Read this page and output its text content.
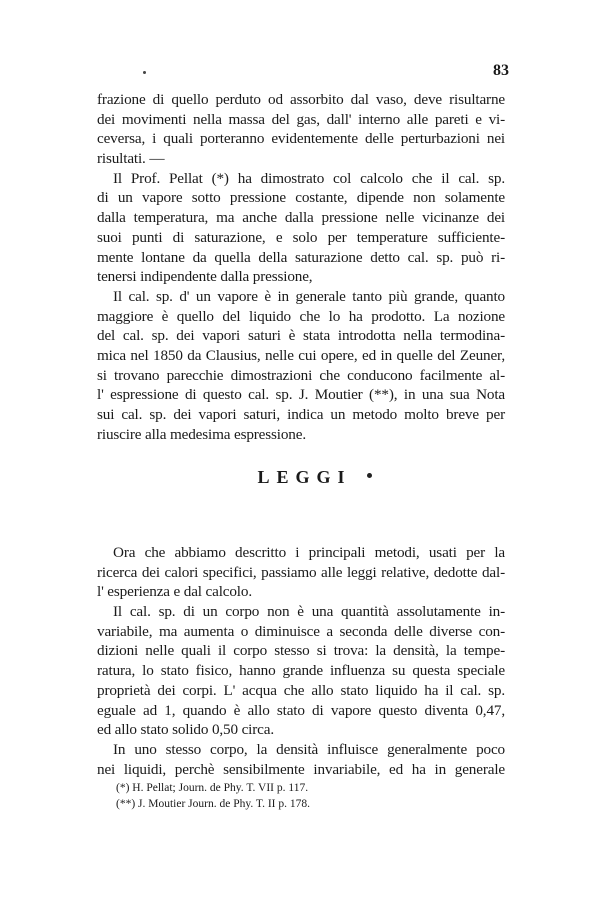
83
frazione di quello perduto od assorbito dal vaso, deve risultarne
dei movimenti nella massa del gas, dall' interno alle pareti e vi-
ceversa, i quali porteranno evidentemente delle perturbazioni nei
risultati. —
Il Prof. Pellat (*) ha dimostrato col calcolo che il cal. sp.
di un vapore sotto pressione costante, dipende non solamente
dalla temperatura, ma anche dalla pressione nelle vicinanze dei
suoi punti di saturazione, e solo per temperature sufficiente-
mente lontane da quella della saturazione detto cal. sp. può ri-
tenersi indipendente dalla pressione,
Il cal. sp. d' un vapore è in generale tanto più grande, quanto
maggiore è quello del liquido che lo ha prodotto. La nozione
del cal. sp. dei vapori saturi è stata introdotta nella termodina-
mica nel 1850 da Clausius, nelle cui opere, ed in quelle del Zeuner,
si trovano parecchie dimostrazioni che conducono facilmente al-
l' espressione di questo cal. sp. J. Moutier (**), in una sua Nota
sui cal. sp. dei vapori saturi, indica un metodo molto breve per
riuscire alla medesima espressione.
LEGGI
Ora che abbiamo descritto i principali metodi, usati per la
ricerca dei calori specifici, passiamo alle leggi relative, dedotte dal-
l' esperienza e dal calcolo.
Il cal. sp. di un corpo non è una quantità assolutamente in-
variabile, ma aumenta o diminuisce a seconda delle diverse con-
dizioni nelle quali il corpo stesso si trova: la densità, la tempe-
ratura, lo stato fisico, hanno grande influenza su questa speciale
proprietà dei corpi. L' acqua che allo stato liquido ha il cal. sp.
eguale ad 1, quando è allo stato di vapore questo diventa 0,47,
ed allo stato solido 0,50 circa.
In uno stesso corpo, la densità influisce generalmente poco
nei liquidi, perchè sensibilmente invariabile, ed ha in generale
(*) H. Pellat; Journ. de Phy. T. VII p. 117.
(**) J. Moutier Journ. de Phy. T. II p. 178.
